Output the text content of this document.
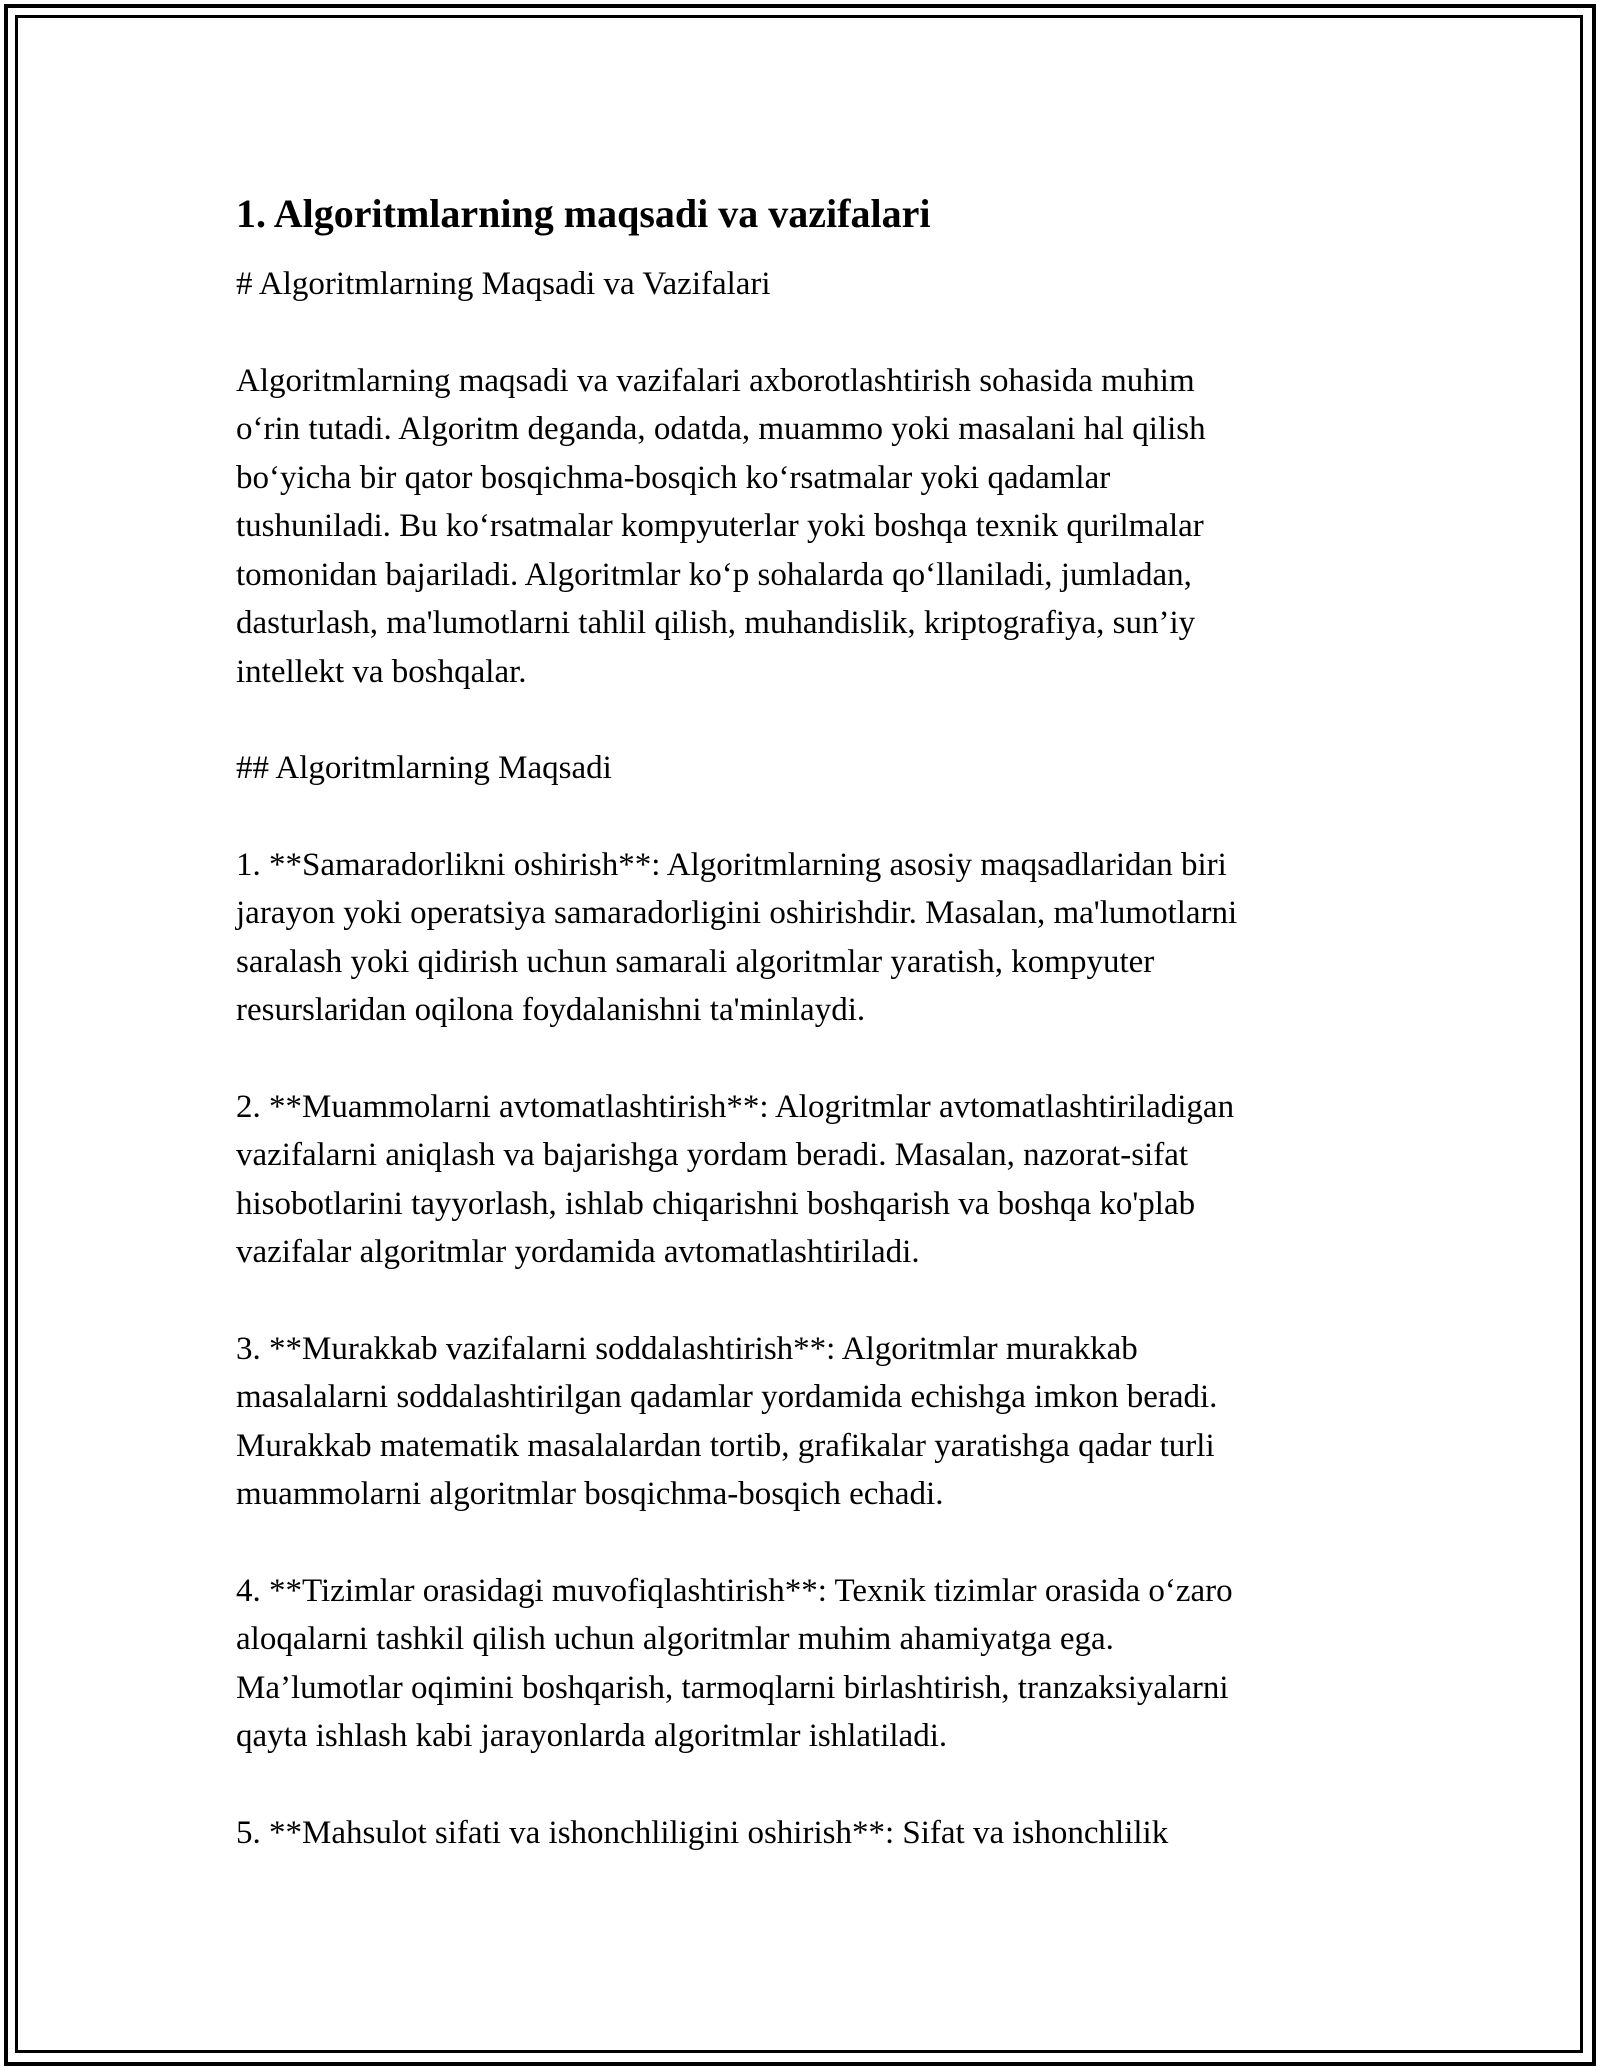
1. Algoritmlarning maqsadi va vazifalari

# Algoritmlarning Maqsadi va Vazifalari

Algoritmlarning maqsadi va vazifalari axborotlashtirish sohasida muhim
o‘rin tutadi. Algoritm deganda, odatda, muammo yoki masalani hal qilish
bo‘yicha bir qator bosqichma-bosqich ko‘rsatmalar yoki qadamlar
tushuniladi. Bu ko‘rsatmalar kompyuterlar yoki boshqa texnik qurilmalar
tomonidan bajariladi. Algoritmlar ko‘p sohalarda qo‘llaniladi, jumladan,
dasturlash, ma'lumotlarni tahlil qilish, muhandislik, kriptografiya, sun’iy
intellekt va boshqalar.

## Algoritmlarning Maqsadi

1. **Samaradorlikni oshirish**: Algoritmlarning asosiy maqsadlaridan biri
jarayon yoki operatsiya samaradorligini oshirishdir. Masalan, ma'lumotlarni
saralash yoki qidirish uchun samarali algoritmlar yaratish, kompyuter
resurslaridan oqilona foydalanishni ta'minlaydi.

2. **Muammolarni avtomatlashtirish**: Alogritmlar avtomatlashtiriladigan
vazifalarni aniqlash va bajarishga yordam beradi. Masalan, nazorat-sifat
hisobotlarini tayyorlash, ishlab chiqarishni boshqarish va boshqa ko'plab
vazifalar algoritmlar yordamida avtomatlashtiriladi.

3. **Murakkab vazifalarni soddalashtirish**: Algoritmlar murakkab
masalalarni soddalashtirilgan qadamlar yordamida echishga imkon beradi.
Murakkab matematik masalalardan tortib, grafikalar yaratishga qadar turli
muammolarni algoritmlar bosqichma-bosqich echadi.

4. **Tizimlar orasidagi muvofiqlashtirish**: Texnik tizimlar orasida o‘zaro
aloqalarni tashkil qilish uchun algoritmlar muhim ahamiyatga ega.
Ma’lumotlar oqimini boshqarish, tarmoqlarni birlashtirish, tranzaksiyalarni
qayta ishlash kabi jarayonlarda algoritmlar ishlatiladi.

5. **Mahsulot sifati va ishonchliligini oshirish**: Sifat va ishonchlilik
